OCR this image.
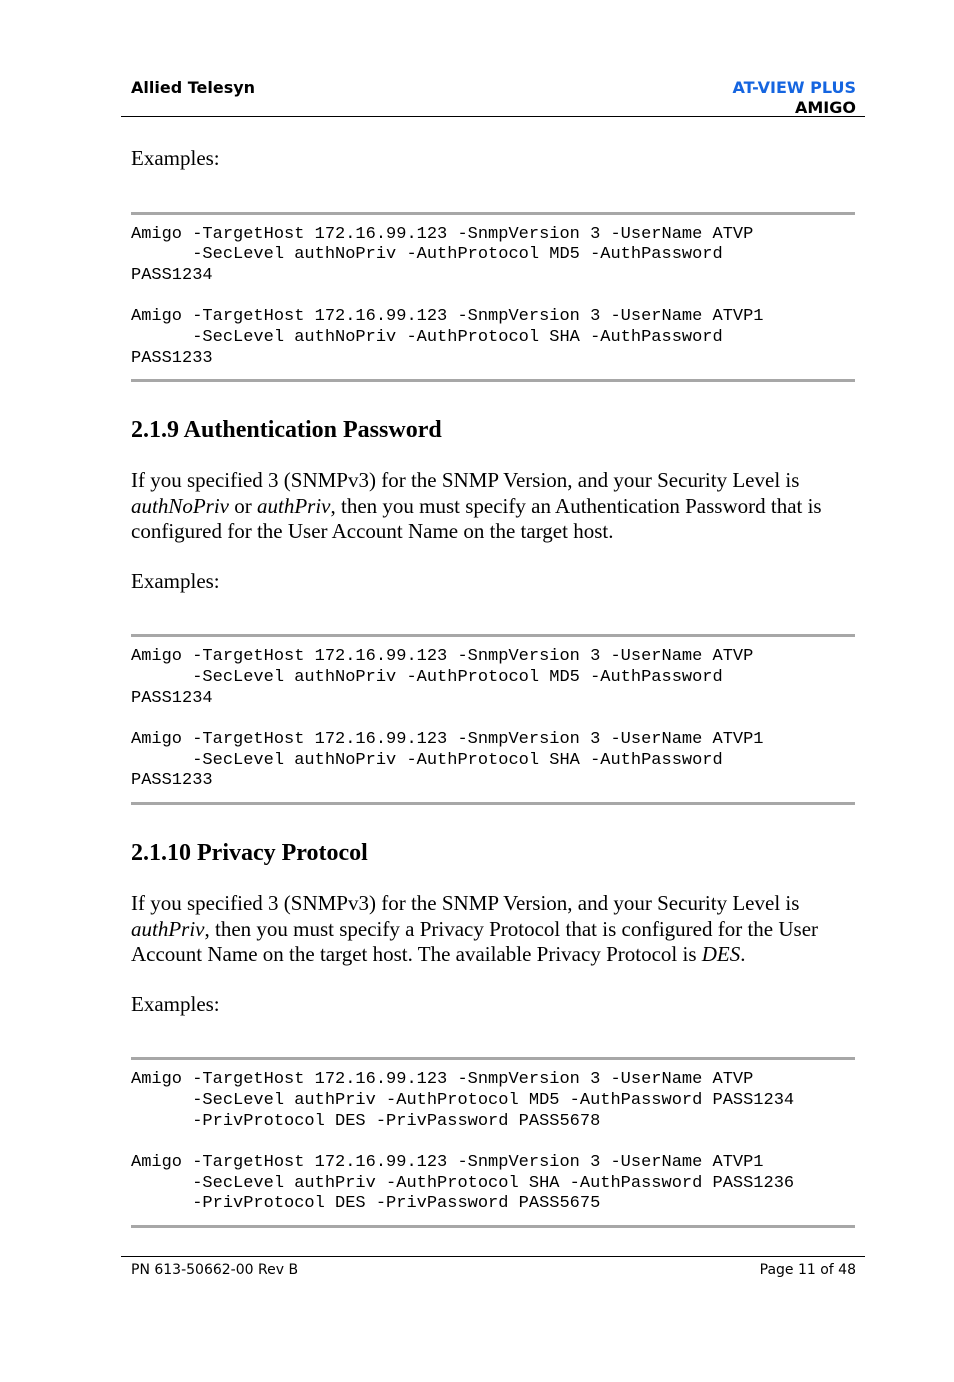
Allied Telesyn	AT-VIEW PLUS
AMIGO

Examples:

Amigo -TargetHost 172.16.99.123 -SnmpVersion 3 -UserName ATVP
-SecLevel authNoPriv -AuthProtocol MD5 -AuthPassword
PASS1234
Amigo -TargetHost 172.16.99.123 -SnmpVersion 3 -UserName ATVP1
-SecLevel authNoPriv -AuthProtocol SHA -AuthPassword
PASS1233
2.1.9 Authentication Password

If you specified 3 (SNMPv3) for the SNMP Version, and your Security Level is authNoPriv or authPriv, then you must specify an Authentication Password that is configured for the User Account Name on the target host.

Examples:

Amigo -TargetHost 172.16.99.123 -SnmpVersion 3 -UserName ATVP
-SecLevel authNoPriv -AuthProtocol MD5 -AuthPassword
PASS1234
Amigo -TargetHost 172.16.99.123 -SnmpVersion 3 -UserName ATVP1
-SecLevel authNoPriv -AuthProtocol SHA -AuthPassword
PASS1233
2.1.10 Privacy Protocol

If you specified 3 (SNMPv3) for the SNMP Version, and your Security Level is authPriv, then you must specify a Privacy Protocol that is configured for the User Account Name on the target host. The available Privacy Protocol is DES.

Examples:

Amigo -TargetHost 172.16.99.123 -SnmpVersion 3 -UserName ATVP
-SecLevel authPriv -AuthProtocol MD5 -AuthPassword PASS1234
-PrivProtocol DES -PrivPassword PASS5678
Amigo -TargetHost 172.16.99.123 -SnmpVersion 3 -UserName ATVP1
-SecLevel authPriv -AuthProtocol SHA -AuthPassword PASS1236
-PrivProtocol DES -PrivPassword PASS5675
PN 613-50662-00 Rev B	Page 11 of 48
